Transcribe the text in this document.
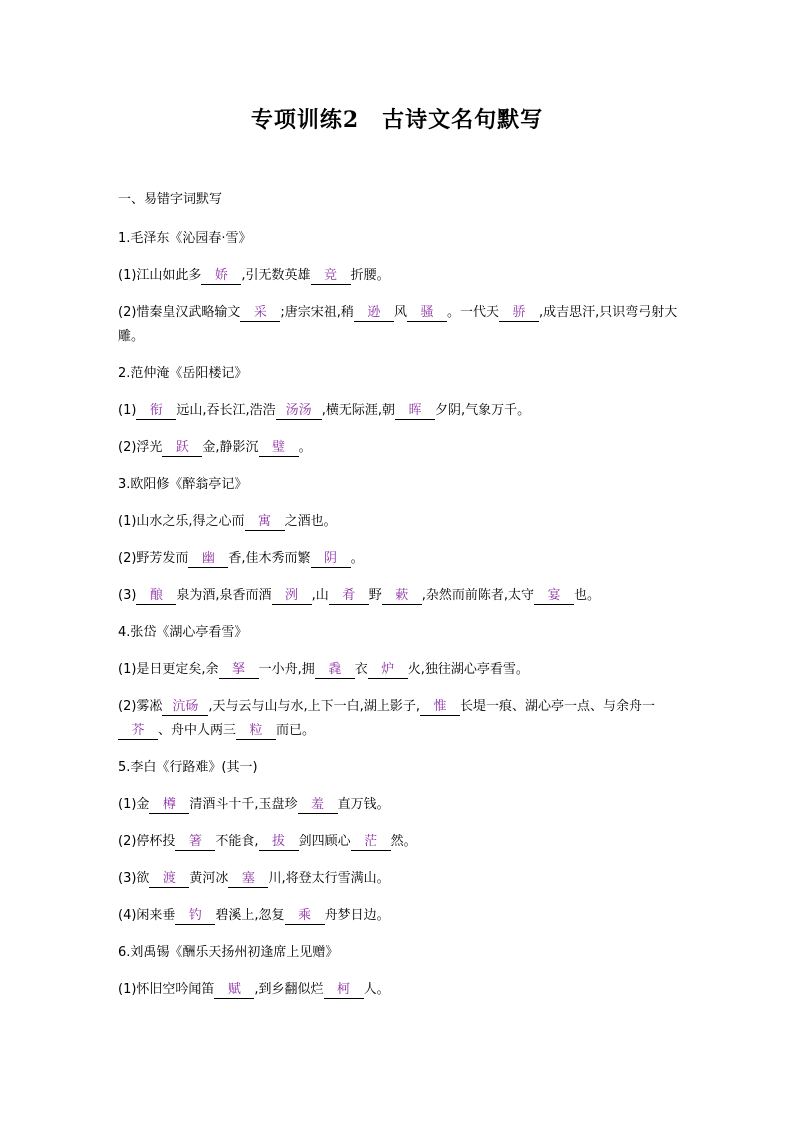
专项训练2　古诗文名句默写
一、易错字词默写
1.毛泽东《沁园春·雪》
(1)江山如此多 娇 ,引无数英雄 竞 折腰。
(2)惜秦皇汉武略输文 采 ;唐宗宋祖,稍 逊 风 骚 。一代天 骄 ,成吉思汗,只识弯弓射大雕。
2.范仲淹《岳阳楼记》
(1) 衔 远山,吞长江,浩浩 汤汤 ,横无际涯,朝 晖 夕阴,气象万千。
(2)浮光 跃 金,静影沉 璧 。
3.欧阳修《醉翁亭记》
(1)山水之乐,得之心而 寓 之酒也。
(2)野芳发而 幽 香,佳木秀而繁 阴 。
(3) 酿 泉为酒,泉香而酒 洌 ,山 肴 野 蔌 ,杂然而前陈者,太守 宴 也。
4.张岱《湖心亭看雪》
(1)是日更定矣,余 拏 一小舟,拥 毳 衣 炉 火,独往湖心亭看雪。
(2)雾凇 沆砀 ,天与云与山与水,上下一白,湖上影子, 惟 长堤一痕、湖心亭一点、与余舟一芥 、舟中人两三 粒 而已。
5.李白《行路难》(其一)
(1)金 樽 清酒斗十千,玉盘珍 羞 直万钱。
(2)停杯投 箸 不能食, 拔 剑四顾心 茫 然。
(3)欲 渡 黄河冰 塞 川,将登太行雪满山。
(4)闲来垂 钓 碧溪上,忽复 乘 舟梦日边。
6.刘禹锡《酬乐天扬州初逢席上见赠》
(1)怀旧空吟闻笛 赋 ,到乡翻似烂 柯 人。
